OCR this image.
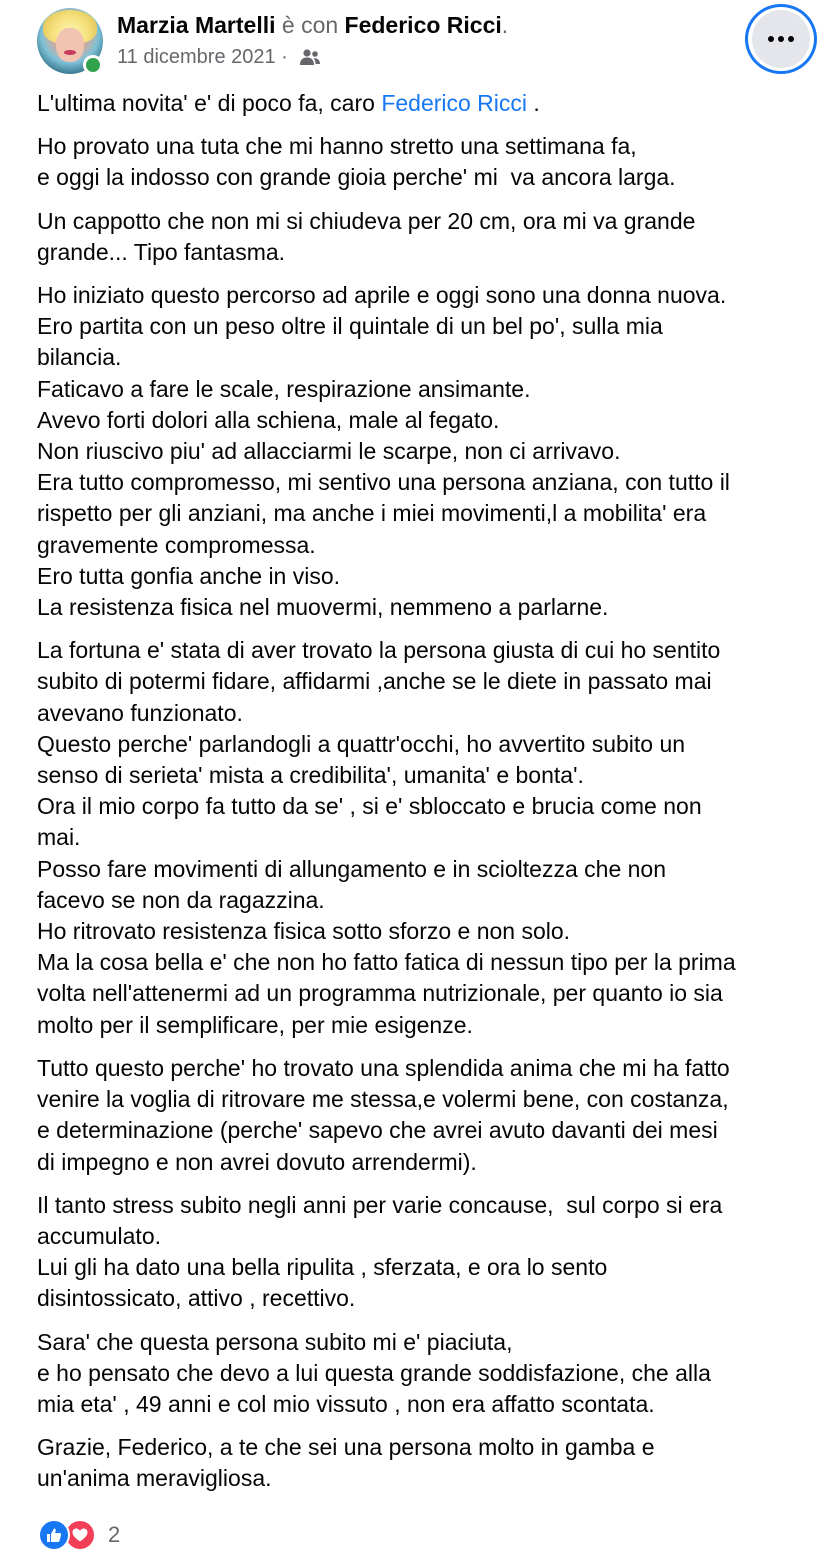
Marzia Martelli è con Federico Ricci.
11 dicembre 2021 ·
L'ultima novita' e' di poco fa, caro Federico Ricci .
Ho provato una tuta che mi hanno stretto una settimana fa,
e oggi la indosso con grande gioia perche' mi  va ancora larga.
Un cappotto che non mi si chiudeva per 20 cm, ora mi va grande
grande... Tipo fantasma.
Ho iniziato questo percorso ad aprile e oggi sono una donna nuova.
Ero partita con un peso oltre il quintale di un bel po', sulla mia
bilancia.
Faticavo a fare le scale, respirazione ansimante.
Avevo forti dolori alla schiena, male al fegato.
Non riuscivo piu' ad allacciarmi le scarpe, non ci arrivavo.
Era tutto compromesso, mi sentivo una persona anziana, con tutto il
rispetto per gli anziani, ma anche i miei movimenti,l a mobilita' era
gravemente compromessa.
Ero tutta gonfia anche in viso.
La resistenza fisica nel muovermi, nemmeno a parlarne.
La fortuna e' stata di aver trovato la persona giusta di cui ho sentito
subito di potermi fidare, affidarmi ,anche se le diete in passato mai
avevano funzionato.
Questo perche' parlandogli a quattr'occhi, ho avvertito subito un
senso di serieta' mista a credibilita', umanita' e bonta'.
Ora il mio corpo fa tutto da se' , si e' sbloccato e brucia come non
mai.
Posso fare movimenti di allungamento e in scioltezza che non
facevo se non da ragazzina.
Ho ritrovato resistenza fisica sotto sforzo e non solo.
Ma la cosa bella e' che non ho fatto fatica di nessun tipo per la prima
volta nell'attenermi ad un programma nutrizionale, per quanto io sia
molto per il semplificare, per mie esigenze.
Tutto questo perche' ho trovato una splendida anima che mi ha fatto
venire la voglia di ritrovare me stessa,e volermi bene, con costanza,
e determinazione (perche' sapevo che avrei avuto davanti dei mesi
di impegno e non avrei dovuto arrendermi).
Il tanto stress subito negli anni per varie concause,  sul corpo si era
accumulato.
Lui gli ha dato una bella ripulita , sferzata, e ora lo sento
disintossicato, attivo , recettivo.
Sara' che questa persona subito mi e' piaciuta,
e ho pensato che devo a lui questa grande soddisfazione, che alla
mia eta' , 49 anni e col mio vissuto , non era affatto scontata.
Grazie, Federico, a te che sei una persona molto in gamba e
un'anima meravigliosa.
2
